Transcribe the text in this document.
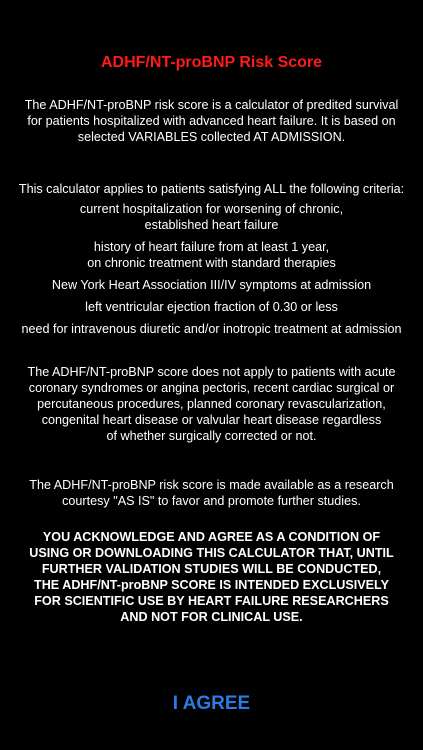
ADHF/NT-proBNP Risk Score

The ADHF/NT-proBNP risk score is a calculator of predited survival
for patients hospitalized with advanced heart failure. It is based on
selected VARIABLES collected AT ADMISSION.

This calculator applies to patients satisfying ALL the following criteria:

current hospitalization for worsening of chronic,
established heart failure
history of heart failure from at least 1 year,
on chronic treatment with standard therapies
New York Heart Association III/IV symptoms at admission
left ventricular ejection fraction of 0.30 or less
need for intravenous diuretic and/or inotropic treatment at admission

The ADHF/NT-proBNP score does not apply to patients with acute
coronary syndromes or angina pectoris, recent cardiac surgical or
percutaneous procedures, planned coronary revascularization,
congenital heart disease or valvular heart disease regardless
of whether surgically corrected or not.

The ADHF/NT-proBNP risk score is made available as a research
courtesy "AS IS" to favor and promote further studies.

YOU ACKNOWLEDGE AND AGREE AS A CONDITION OF
USING OR DOWNLOADING THIS CALCULATOR THAT, UNTIL
FURTHER VALIDATION STUDIES WILL BE CONDUCTED,
THE ADHF/NT-proBNP SCORE IS INTENDED EXCLUSIVELY
FOR SCIENTIFIC USE BY HEART FAILURE RESEARCHERS
AND NOT FOR CLINICAL USE.

I AGREE
